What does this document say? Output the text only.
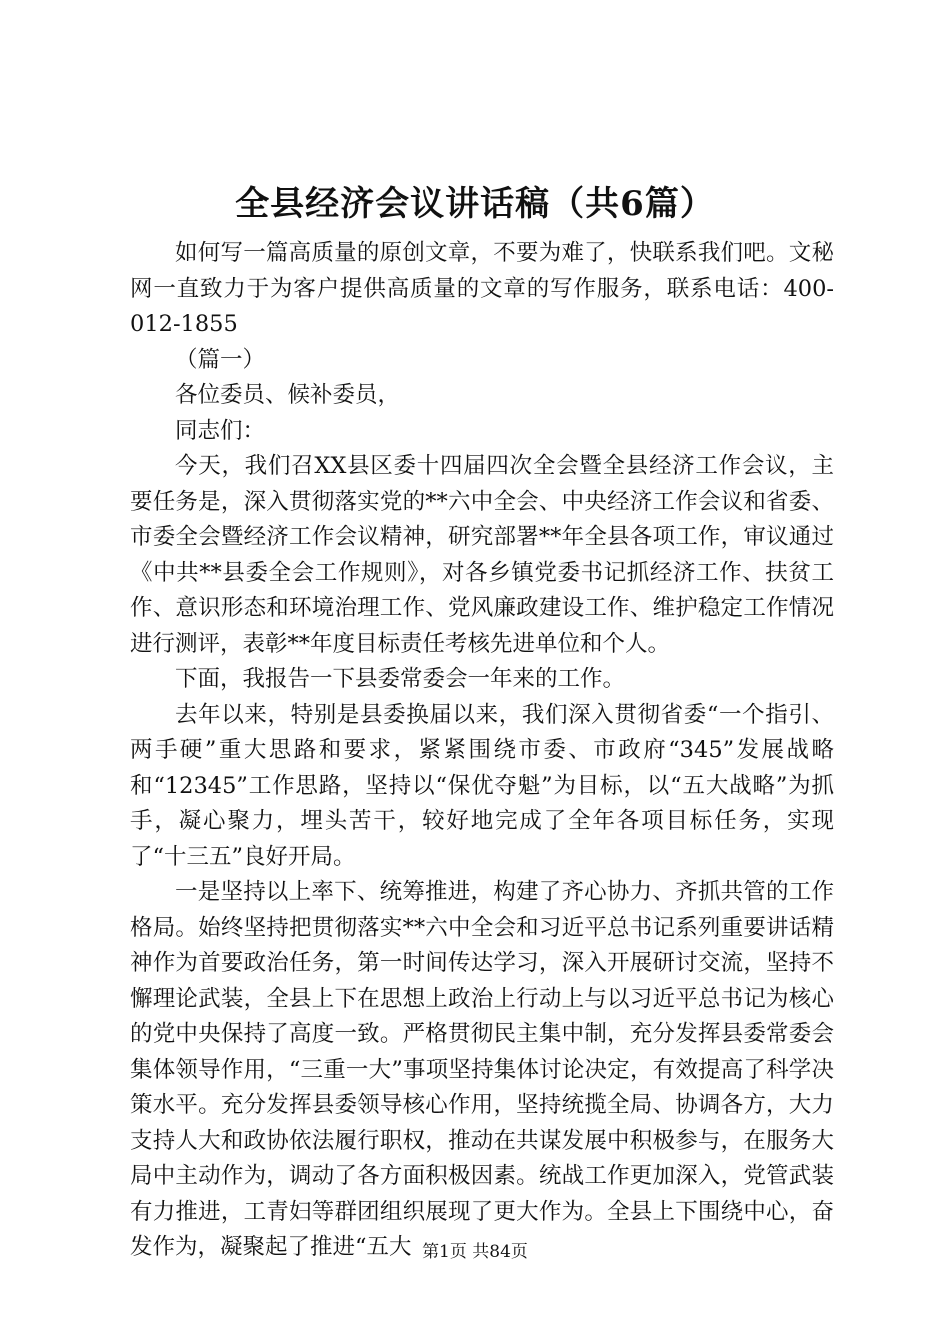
全县经济会议讲话稿（共6篇）

如何写一篇高质量的原创文章，不要为难了，快联系我们吧。文秘网一直致力于为客户提供高质量的文章的写作服务，联系电话：400-012-1855

（篇一）

各位委员、候补委员，

同志们：

今天，我们召XX县区委十四届四次全会暨全县经济工作会议，主要任务是，深入贯彻落实党的**六中全会、中央经济工作会议和省委、市委全会暨经济工作会议精神，研究部署**年全县各项工作，审议通过《中共**县委全会工作规则》，对各乡镇党委书记抓经济工作、扶贫工作、意识形态和环境治理工作、党风廉政建设工作、维护稳定工作情况进行测评，表彰**年度目标责任考核先进单位和个人。

下面，我报告一下县委常委会一年来的工作。

去年以来，特别是县委换届以来，我们深入贯彻省委“一个指引、两手硬”重大思路和要求，紧紧围绕市委、市政府“345”发展战略和“12345”工作思路，坚持以“保优夺魁”为目标，以“五大战略”为抓手，凝心聚力，埋头苦干，较好地完成了全年各项目标任务，实现了“十三五”良好开局。

一是坚持以上率下、统筹推进，构建了齐心协力、齐抓共管的工作格局。始终坚持把贯彻落实**六中全会和习近平总书记系列重要讲话精神作为首要政治任务，第一时间传达学习，深入开展研讨交流，坚持不懈理论武装，全县上下在思想上政治上行动上与以习近平总书记为核心的党中央保持了高度一致。严格贯彻民主集中制，充分发挥县委常委会集体领导作用，“三重一大”事项坚持集体讨论决定，有效提高了科学决策水平。充分发挥县委领导核心作用，坚持统揽全局、协调各方，大力支持人大和政协依法履行职权，推动在共谋发展中积极参与，在服务大局中主动作为，调动了各方面积极因素。统战工作更加深入，党管武装有力推进，工青妇等群团组织展现了更大作为。全县上下围绕中心，奋发作为，凝聚起了推进“五大 第1页 共84页
